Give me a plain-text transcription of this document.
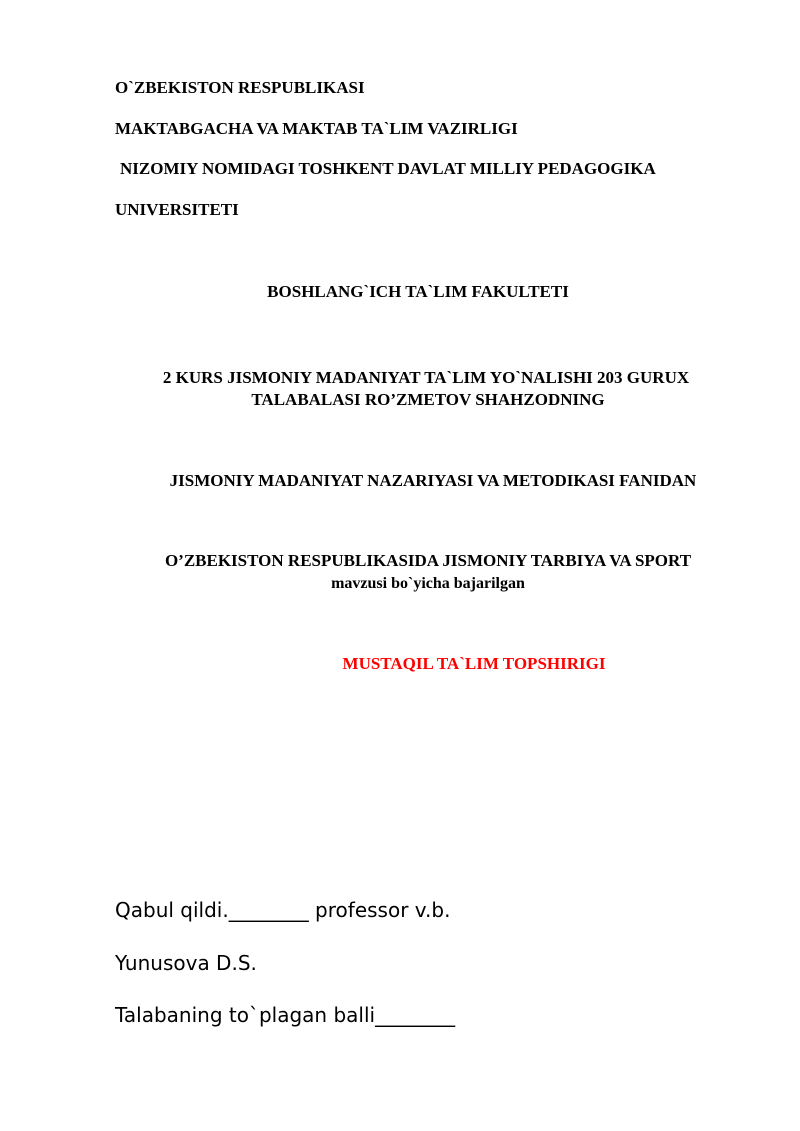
O`ZBEKISTON RESPUBLIKASI
MAKTABGACHA VA MAKTAB TA`LIM VAZIRLIGI
NIZOMIY NOMIDAGI TOSHKENT DAVLAT MILLIY PEDAGOGIKA
UNIVERSITETI
BOSHLANG`ICH TA`LIM FAKULTETI
2 KURS JISMONIY MADANIYAT TA`LIM YO`NALISHI 203 GURUX
TALABALASI RO’ZMETOV SHAHZODNING
JISMONIY MADANIYAT NAZARIYASI VA METODIKASI FANIDAN
O’ZBEKISTON RESPUBLIKASIDA JISMONIY TARBIYA VA SPORT
mavzusi bo`yicha bajarilgan
MUSTAQIL TA`LIM TOPSHIRIGI
Qabul qildi.________ professor v.b.
Yunusova D.S.
Talabaning to`plagan balli________
